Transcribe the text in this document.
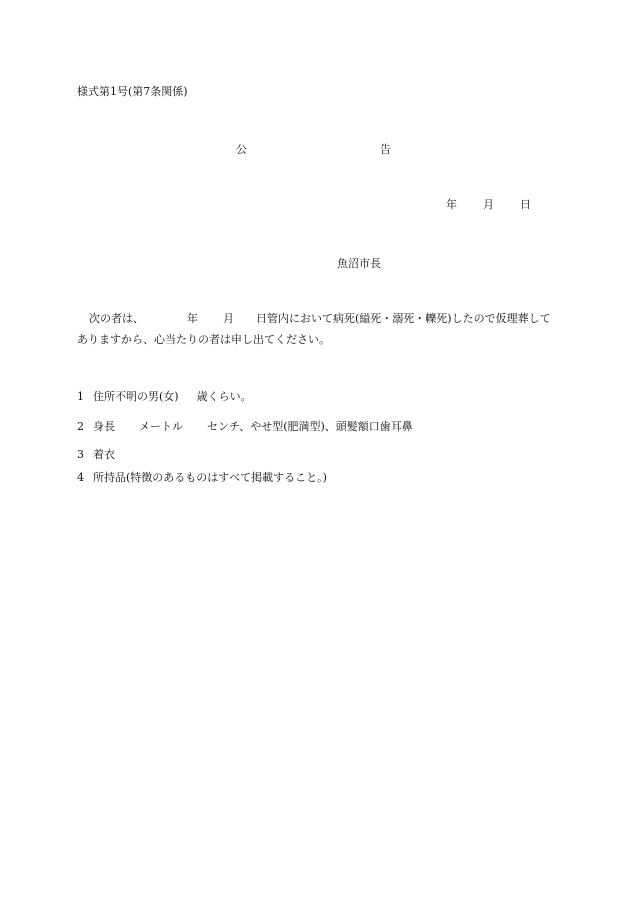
様式第1号(第7条関係)
公	告
年 月 日
魚沼市長
次の者は、	年 月 日管内において病死(縊死・溺死・轢死)したので仮理葬してありますから、心当たりの者は申し出てください。
1 住所不明の男(女) 歳くらい。
2 身長 メートル センチ、やせ型(肥満型)、頭髪額口歯耳鼻
3 着衣
4 所持品(特徴のあるものはすべて掲載すること。)
